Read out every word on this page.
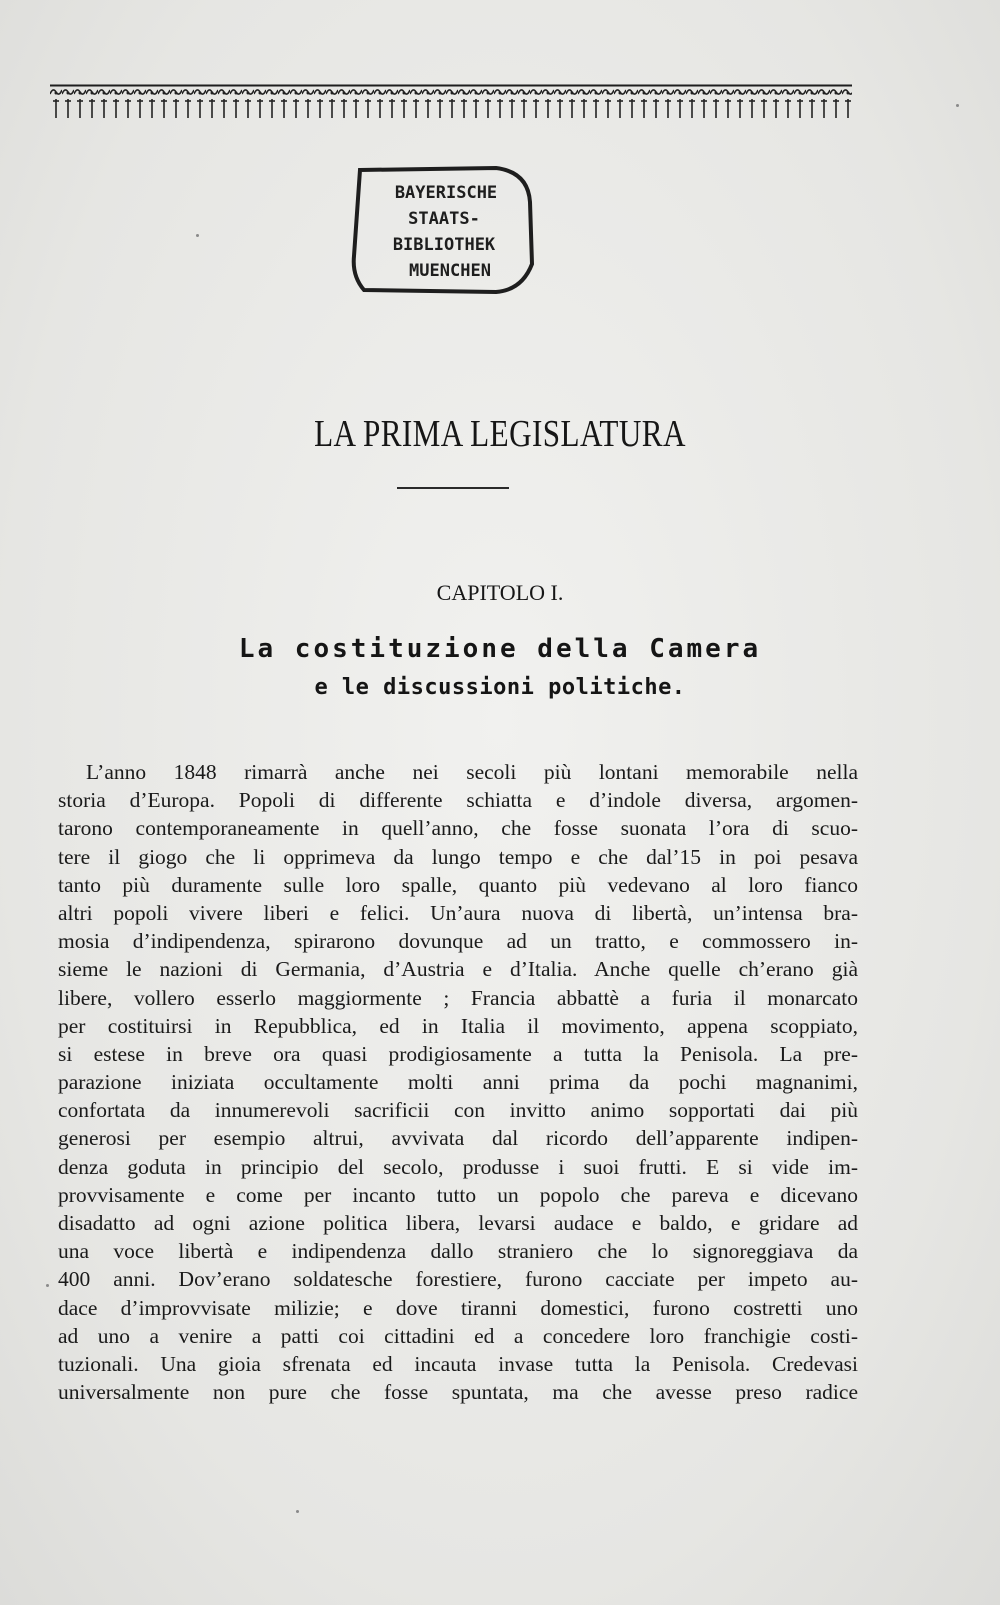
BAYERISCHE
STAATS-
BIBLIOTHEK
MUENCHEN
LA PRIMA LEGISLATURA
CAPITOLO I.
La costituzione della Camera
e le discussioni politiche.
L’anno 1848 rimarrà anche nei secoli più lontani memorabile nella
storia d’Europa. Popoli di differente schiatta e d’indole diversa, argomen-
tarono contemporaneamente in quell’anno, che fosse suonata l’ora di scuo-
tere il giogo che li opprimeva da lungo tempo e che dal’15 in poi pesava
tanto più duramente sulle loro spalle, quanto più vedevano al loro fianco
altri popoli vivere liberi e felici. Un’aura nuova di libertà, un’intensa bra-
mosia d’indipendenza, spirarono dovunque ad un tratto, e commossero in-
sieme le nazioni di Germania, d’Austria e d’Italia. Anche quelle ch’erano già
libere, vollero esserlo maggiormente ; Francia abbattè a furia il monarcato
per costituirsi in Repubblica, ed in Italia il movimento, appena scoppiato,
si estese in breve ora quasi prodigiosamente a tutta la Penisola. La pre-
parazione iniziata occultamente molti anni prima da pochi magnanimi,
confortata da innumerevoli sacrificii con invitto animo sopportati dai più
generosi per esempio altrui, avvivata dal ricordo dell’apparente indipen-
denza goduta in principio del secolo, produsse i suoi frutti. E si vide im-
provvisamente e come per incanto tutto un popolo che pareva e dicevano
disadatto ad ogni azione politica libera, levarsi audace e baldo, e gridare ad
una voce libertà e indipendenza dallo straniero che lo signoreggiava da
400 anni. Dov’erano soldatesche forestiere, furono cacciate per impeto au-
dace d’improvvisate milizie; e dove tiranni domestici, furono costretti uno
ad uno a venire a patti coi cittadini ed a concedere loro franchigie costi-
tuzionali. Una gioia sfrenata ed incauta invase tutta la Penisola. Credevasi
universalmente non pure che fosse spuntata, ma che avesse preso radice
